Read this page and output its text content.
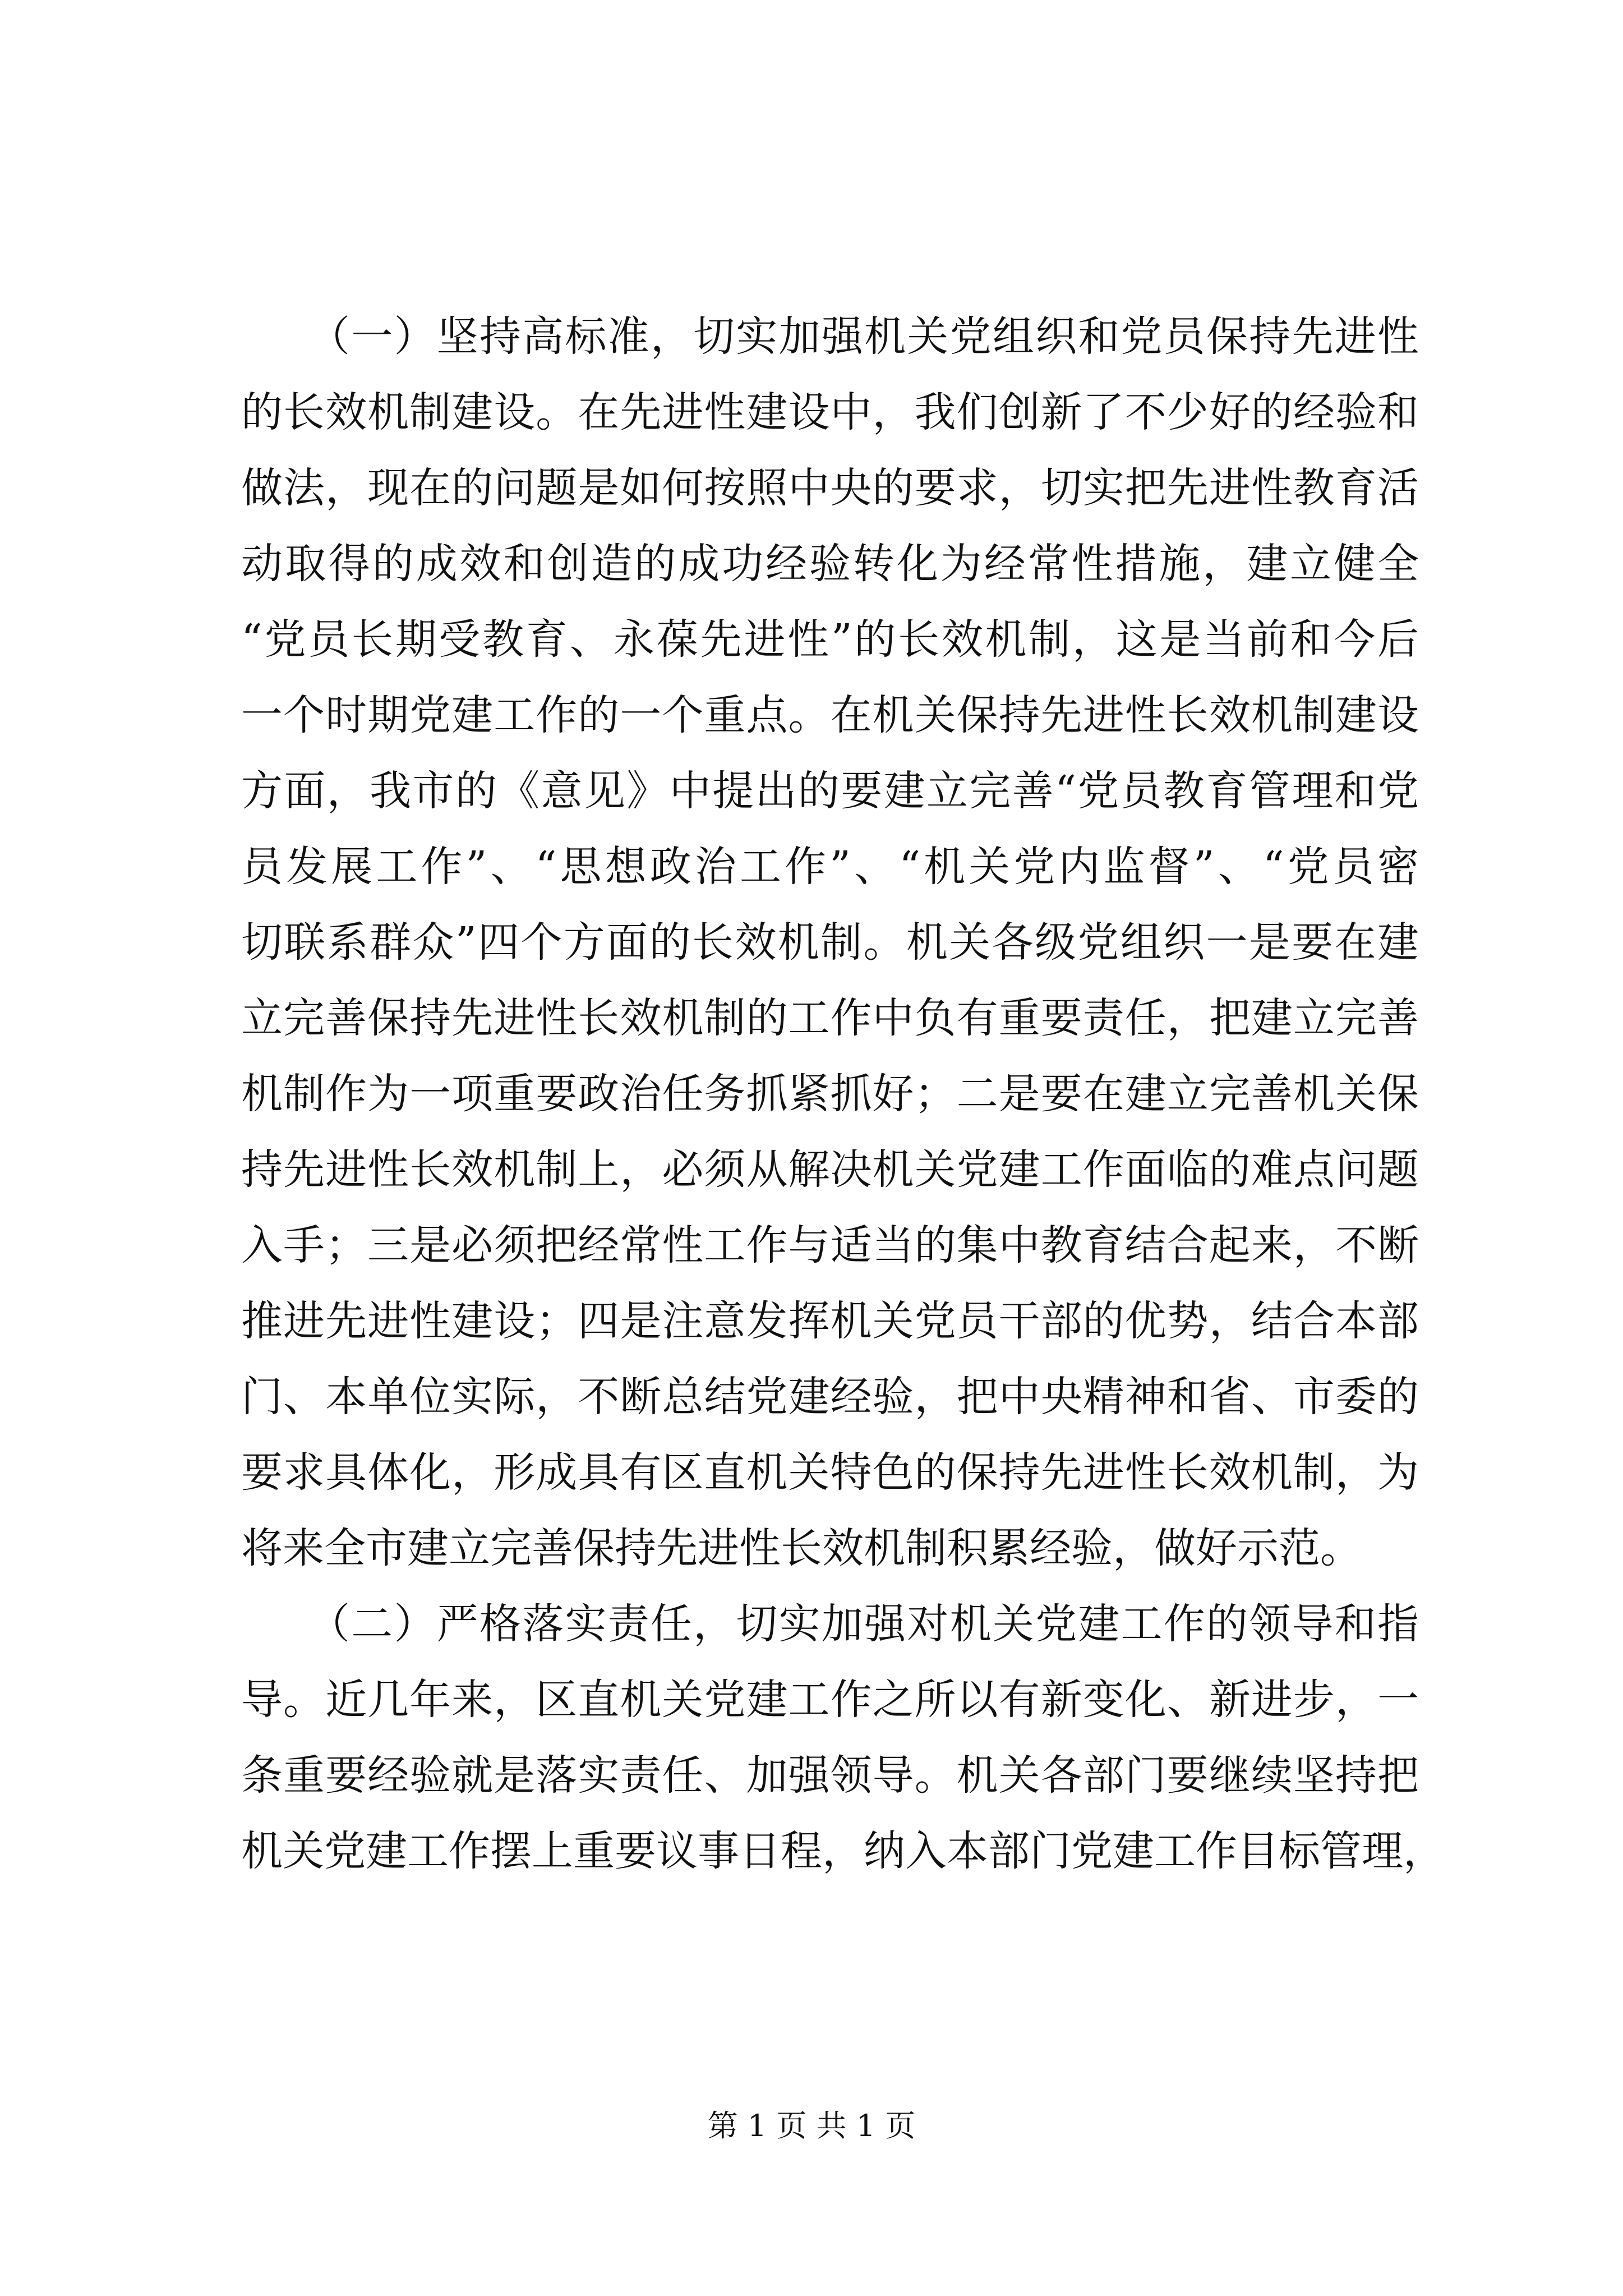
（一）坚持高标准，切实加强机关党组织和党员保持先进性
的长效机制建设。在先进性建设中，我们创新了不少好的经验和
做法，现在的问题是如何按照中央的要求，切实把先进性教育活
动取得的成效和创造的成功经验转化为经常性措施，建立健全
“党员长期受教育、永葆先进性”的长效机制，这是当前和今后
一个时期党建工作的一个重点。在机关保持先进性长效机制建设
方面，我市的《意见》中提出的要建立完善“党员教育管理和党
员发展工作”、“思想政治工作”、“机关党内监督”、“党员密
切联系群众”四个方面的长效机制。机关各级党组织一是要在建
立完善保持先进性长效机制的工作中负有重要责任，把建立完善
机制作为一项重要政治任务抓紧抓好；二是要在建立完善机关保
持先进性长效机制上，必须从解决机关党建工作面临的难点问题
入手；三是必须把经常性工作与适当的集中教育结合起来，不断
推进先进性建设；四是注意发挥机关党员干部的优势，结合本部
门、本单位实际，不断总结党建经验，把中央精神和省、市委的
要求具体化，形成具有区直机关特色的保持先进性长效机制，为
将来全市建立完善保持先进性长效机制积累经验，做好示范。
（二）严格落实责任，切实加强对机关党建工作的领导和指
导。近几年来，区直机关党建工作之所以有新变化、新进步，一
条重要经验就是落实责任、加强领导。机关各部门要继续坚持把
机关党建工作摆上重要议事日程，纳入本部门党建工作目标管理，
第 1 页 共 1 页
